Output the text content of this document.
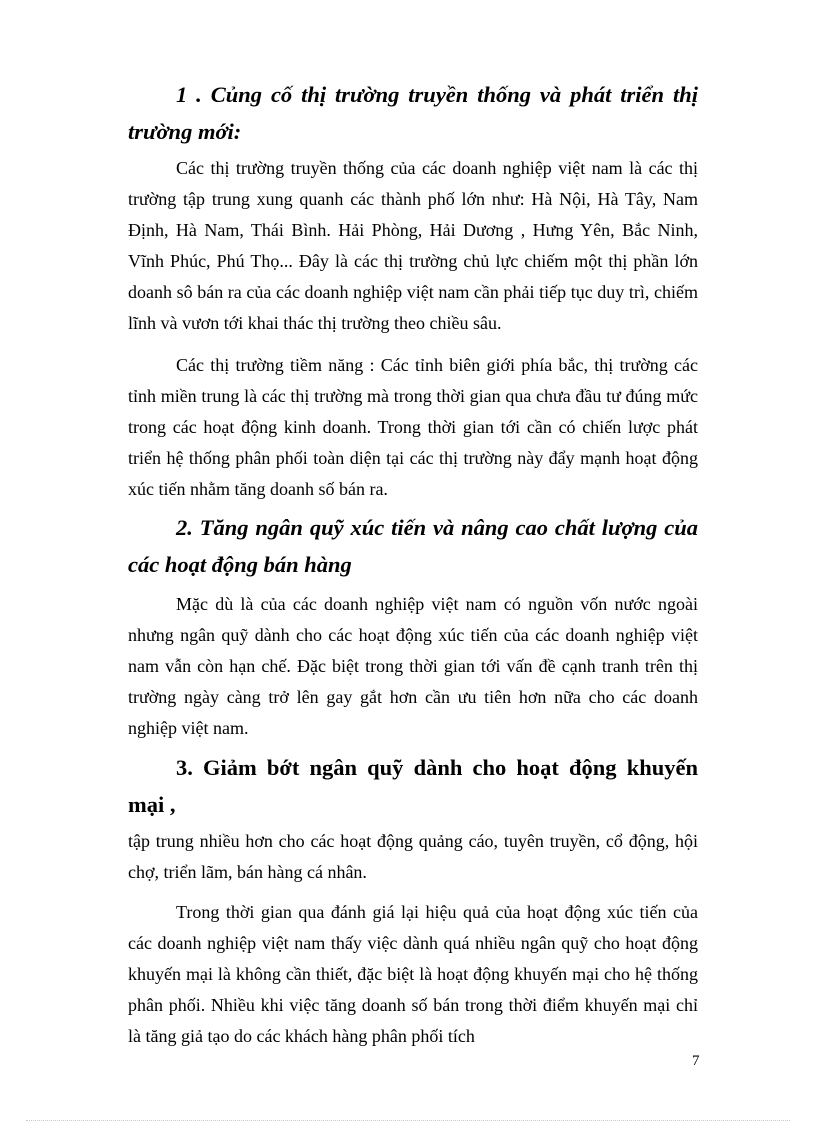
1 . Củng cố thị trường truyền thống và phát triển thị trường mới:

Các thị trường truyền thống của các doanh nghiệp việt nam là các thị trường tập trung xung quanh các thành phố lớn như: Hà Nội, Hà Tây, Nam Định, Hà Nam, Thái Bình. Hải Phòng, Hải Dương , Hưng Yên, Bắc Ninh, Vĩnh Phúc, Phú Thọ... Đây là các thị trường chủ lực chiếm một thị phần lớn doanh sô bán ra của các doanh nghiệp việt nam cần phải tiếp tục duy trì, chiếm lĩnh và vươn tới khai thác thị trường theo chiều sâu.

Các thị trường tiềm năng : Các tỉnh biên giới phía bắc, thị trường các tỉnh miền trung là các thị trường mà trong thời gian qua chưa đầu tư đúng mức trong các hoạt động kinh doanh. Trong thời gian tới cần có chiến lược phát triển hệ thống phân phối toàn diện tại các thị trường này đẩy mạnh hoạt động xúc tiến nhằm tăng doanh số bán ra.

2. Tăng ngân quỹ xúc tiến và nâng cao chất lượng của các hoạt động bán hàng

Mặc dù là của các doanh nghiệp việt nam có nguồn vốn nước ngoài nhưng ngân quỹ dành cho các hoạt động xúc tiến của các doanh nghiệp việt nam vẫn còn hạn chế. Đặc biệt trong thời gian tới vấn đề cạnh tranh trên thị trường ngày càng trở lên gay gắt hơn cần ưu tiên hơn nữa cho các doanh nghiệp việt nam.

3. Giảm bớt ngân quỹ dành cho hoạt động khuyến mại ,

tập trung nhiều hơn cho các hoạt động quảng cáo, tuyên truyền, cổ động, hội chợ, triển lãm, bán hàng cá nhân.

Trong thời gian qua đánh giá lại hiệu quả của hoạt động xúc tiến của các doanh nghiệp việt nam thấy việc dành quá nhiều ngân quỹ cho hoạt động khuyến mại là không cần thiết, đặc biệt là hoạt động khuyến mại cho hệ thống phân phối. Nhiều khi việc tăng doanh số bán trong thời điểm khuyến mại chỉ là tăng giả tạo do các khách hàng phân phối tích

7
